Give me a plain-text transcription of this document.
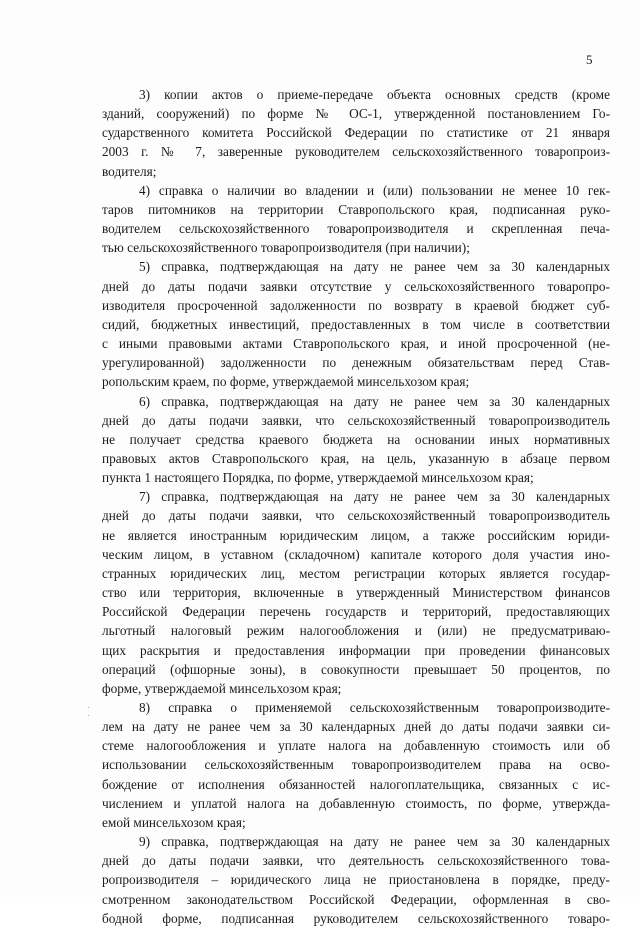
5

3) копии актов о приеме-передаче объекта основных средств (кроме
зданий, сооружений) по форме № ОС-1, утвержденной постановлением Го-
сударственного комитета Российской Федерации по статистике от 21 января
2003 г. № 7, заверенные руководителем сельскохозяйственного товаропроиз-
водителя;

4) справка о наличии во владении и (или) пользовании не менее 10 гек-
таров питомников на территории Ставропольского края, подписанная руко-
водителем сельскохозяйственного товаропроизводителя и скрепленная печа-
тью сельскохозяйственного товаропроизводителя (при наличии);

5) справка, подтверждающая на дату не ранее чем за 30 календарных
дней до даты подачи заявки отсутствие у сельскохозяйственного товаропро-
изводителя просроченной задолженности по возврату в краевой бюджет суб-
сидий, бюджетных инвестиций, предоставленных в том числе в соответствии
с иными правовыми актами Ставропольского края, и иной просроченной (не-
урегулированной) задолженности по денежным обязательствам перед Став-
ропольским краем, по форме, утверждаемой минсельхозом края;

6) справка, подтверждающая на дату не ранее чем за 30 календарных
дней до даты подачи заявки, что сельскохозяйственный товаропроизводитель
не получает средства краевого бюджета на основании иных нормативных
правовых актов Ставропольского края, на цель, указанную в абзаце первом
пункта 1 настоящего Порядка, по форме, утверждаемой минсельхозом края;

7) справка, подтверждающая на дату не ранее чем за 30 календарных
дней до даты подачи заявки, что сельскохозяйственный товаропроизводитель
не является иностранным юридическим лицом, а также российским юриди-
ческим лицом, в уставном (складочном) капитале которого доля участия ино-
странных юридических лиц, местом регистрации которых является государ-
ство или территория, включенные в утвержденный Министерством финансов
Российской Федерации перечень государств и территорий, предоставляющих
льготный налоговый режим налогообложения и (или) не предусматриваю-
щих раскрытия и предоставления информации при проведении финансовых
операций (офшорные зоны), в совокупности превышает 50 процентов, по
форме, утверждаемой минсельхозом края;

8) справка о применяемой сельскохозяйственным товаропроизводите-
лем на дату не ранее чем за 30 календарных дней до даты подачи заявки си-
стеме налогообложения и уплате налога на добавленную стоимость или об
использовании сельскохозяйственным товаропроизводителем права на осво-
бождение от исполнения обязанностей налогоплательщика, связанных с ис-
числением и уплатой налога на добавленную стоимость, по форме, утвержда-
емой минсельхозом края;

9) справка, подтверждающая на дату не ранее чем за 30 календарных
дней до даты подачи заявки, что деятельность сельскохозяйственного това-
ропроизводителя – юридического лица не приостановлена в порядке, преду-
смотренном законодательством Российской Федерации, оформленная в сво-
бодной форме, подписанная руководителем сельскохозяйственного товаро-
